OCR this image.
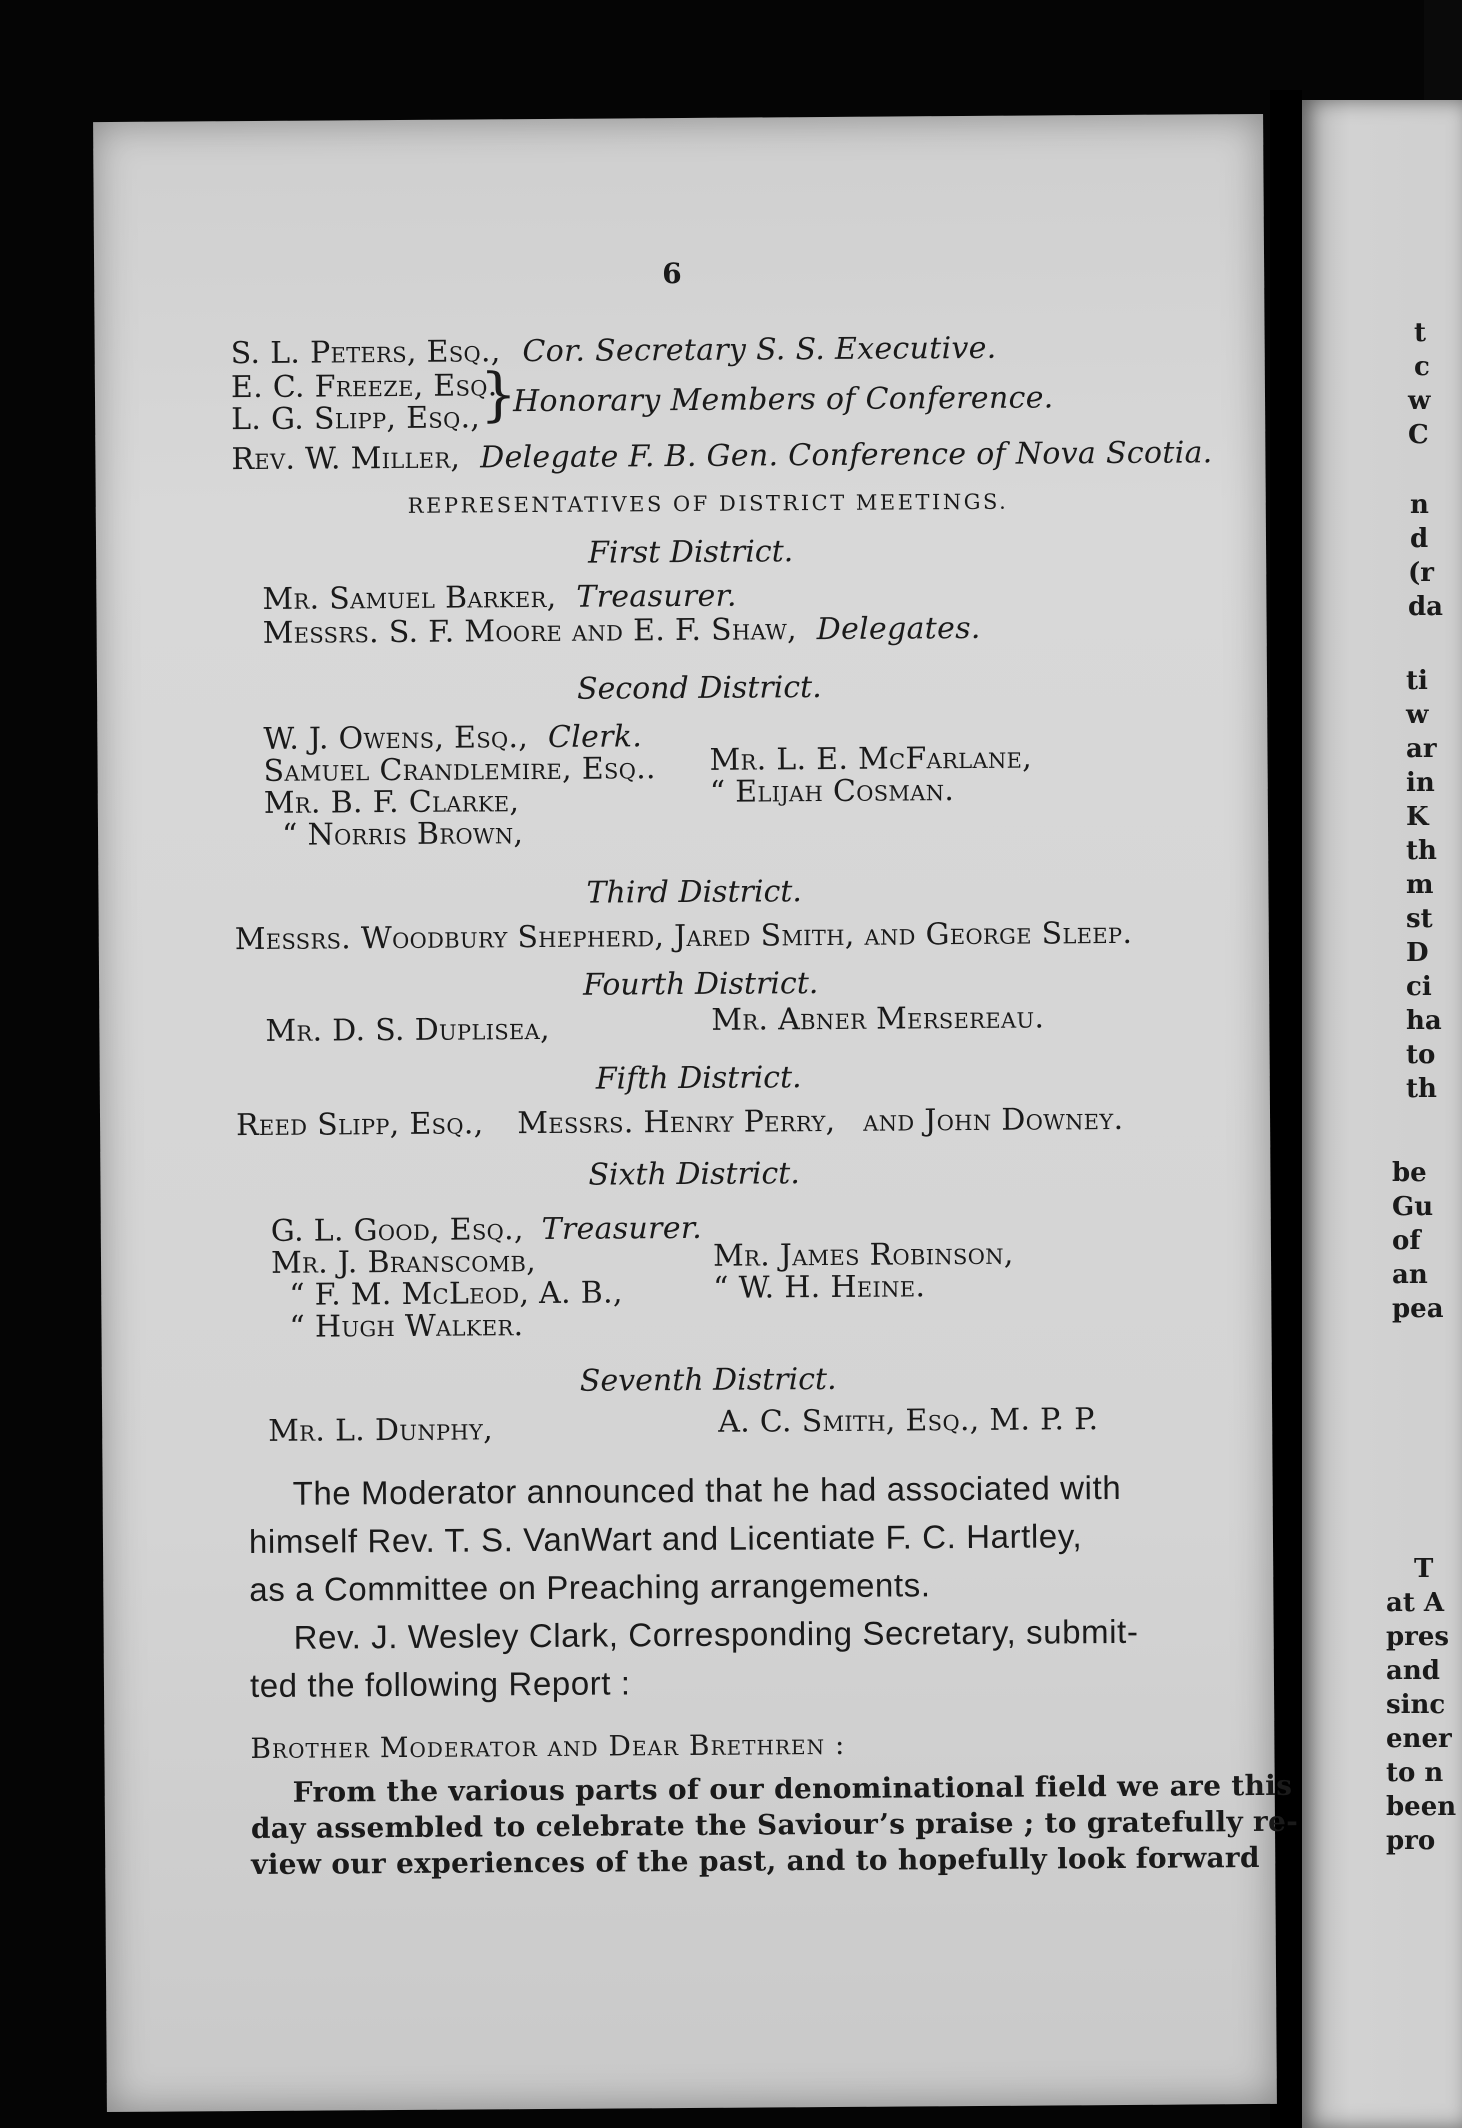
t
c
w
C
n
d
(r
da
ti
w
ar
in
K
th
m
st
D
ci
ha
to
th
be
Gu
of
an
pea
T
at A
pres
and
sinc
ener
to n
been
pro
6
S. L. Peters, Esq., Cor. Secretary S. S. Executive.
E. C. Freeze, Esq.
L. G. Slipp, Esq., }
Honorary Members of Conference.
Rev. W. Miller, Delegate F. B. Gen. Conference of Nova Scotia.
REPRESENTATIVES OF DISTRICT MEETINGS.
First District.
Mr. Samuel Barker, Treasurer.
Messrs. S. F. Moore and E. F. Shaw, Delegates.
Second District.
W. J. Owens, Esq., Clerk.
Samuel Crandlemire, Esq..
Mr. B. F. Clarke,
“ Norris Brown,
Mr. L. E. McFarlane,
“ Elijah Cosman.
Third District.
Messrs. Woodbury Shepherd, Jared Smith, and George Sleep.
Fourth District.
Mr. D. S. Duplisea,	Mr. Abner Mersereau.
Fifth District.
Reed Slipp, Esq., Messrs. Henry Perry, and John Downey.
Sixth District.
G. L. Good, Esq., Treasurer.
Mr. J. Branscomb,
“ F. M. McLeod, A. B.,
“ Hugh Walker.
Mr. James Robinson,
“ W. H. Heine.
Seventh District.
Mr. L. Dunphy,	A. C. Smith, Esq., M. P. P.
The Moderator announced that he had associated with
himself Rev. T. S. VanWart and Licentiate F. C. Hartley,
as a Committee on Preaching arrangements.
Rev. J. Wesley Clark, Corresponding Secretary, submit-
ted the following Report :
Brother Moderator and Dear Brethren :
From the various parts of our denominational field we are this
day assembled to celebrate the Saviour’s praise ; to gratefully re-
view our experiences of the past, and to hopefully look forward
